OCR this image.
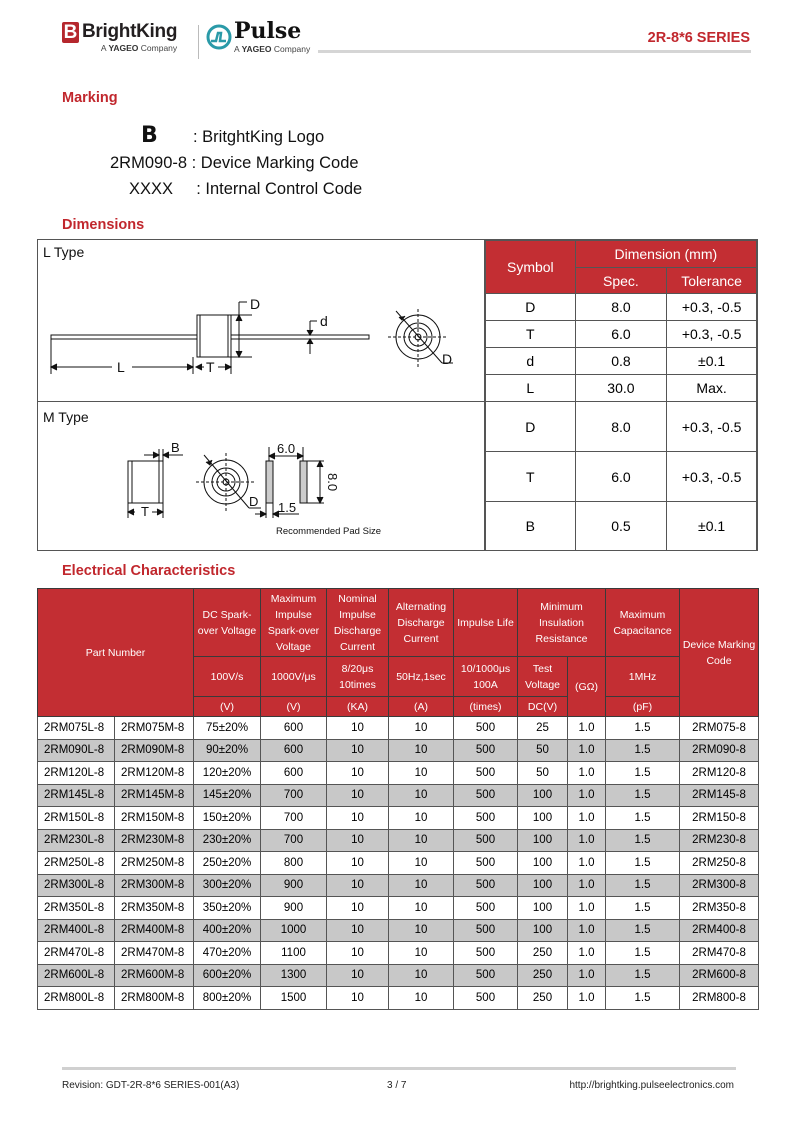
B BrightKing
A YAGEO Company
Pulse
A YAGEO Company
2R-8*6 SERIES
Marking
B : BritghtKing Logo
2RM090-8 : Device Marking Code
XXXX : Internal Control Code
Dimensions
L Type
M Type
D
d
L	T	D
B
T
D
6.0
8.0
1.5
Recommended Pad Size
Symbol	Dimension (mm)	
	Spec.	Tolerance
D	8.0	+0.3, -0.5
T	6.0	+0.3, -0.5
d	0.8	±0.1
L	30.0	Max.
D	8.0	+0.3, -0.5
T	6.0	+0.3, -0.5
B	0.5	±0.1
Electrical Characteristics
Part Number		DC Spark-over Voltage	Maximum Impulse Spark-over Voltage	Nominal Impulse Discharge Current	Alternating Discharge Current	Impulse Life	Minimum Insulation Resistance		Maximum Capacitance	Device Marking Code
		100V/s	1000V/μs	8/20μs 10times	50Hz,1sec	10/1000μs 100A	Test Voltage	(GΩ)	1MHz	
		(V)	(V)	(KA)	(A)	(times)	DC(V)		(pF)	
2RM075L-8	2RM075M-8	75±20%	600	10	10	500	25	1.0	1.5	2RM075-8
2RM090L-8	2RM090M-8	90±20%	600	10	10	500	50	1.0	1.5	2RM090-8
2RM120L-8	2RM120M-8	120±20%	600	10	10	500	50	1.0	1.5	2RM120-8
2RM145L-8	2RM145M-8	145±20%	700	10	10	500	100	1.0	1.5	2RM145-8
2RM150L-8	2RM150M-8	150±20%	700	10	10	500	100	1.0	1.5	2RM150-8
2RM230L-8	2RM230M-8	230±20%	700	10	10	500	100	1.0	1.5	2RM230-8
2RM250L-8	2RM250M-8	250±20%	800	10	10	500	100	1.0	1.5	2RM250-8
2RM300L-8	2RM300M-8	300±20%	900	10	10	500	100	1.0	1.5	2RM300-8
2RM350L-8	2RM350M-8	350±20%	900	10	10	500	100	1.0	1.5	2RM350-8
2RM400L-8	2RM400M-8	400±20%	1000	10	10	500	100	1.0	1.5	2RM400-8
2RM470L-8	2RM470M-8	470±20%	1100	10	10	500	250	1.0	1.5	2RM470-8
2RM600L-8	2RM600M-8	600±20%	1300	10	10	500	250	1.0	1.5	2RM600-8
2RM800L-8	2RM800M-8	800±20%	1500	10	10	500	250	1.0	1.5	2RM800-8
Revision: GDT-2R-8*6 SERIES-001(A3)	3 / 7	http://brightking.pulseelectronics.com
